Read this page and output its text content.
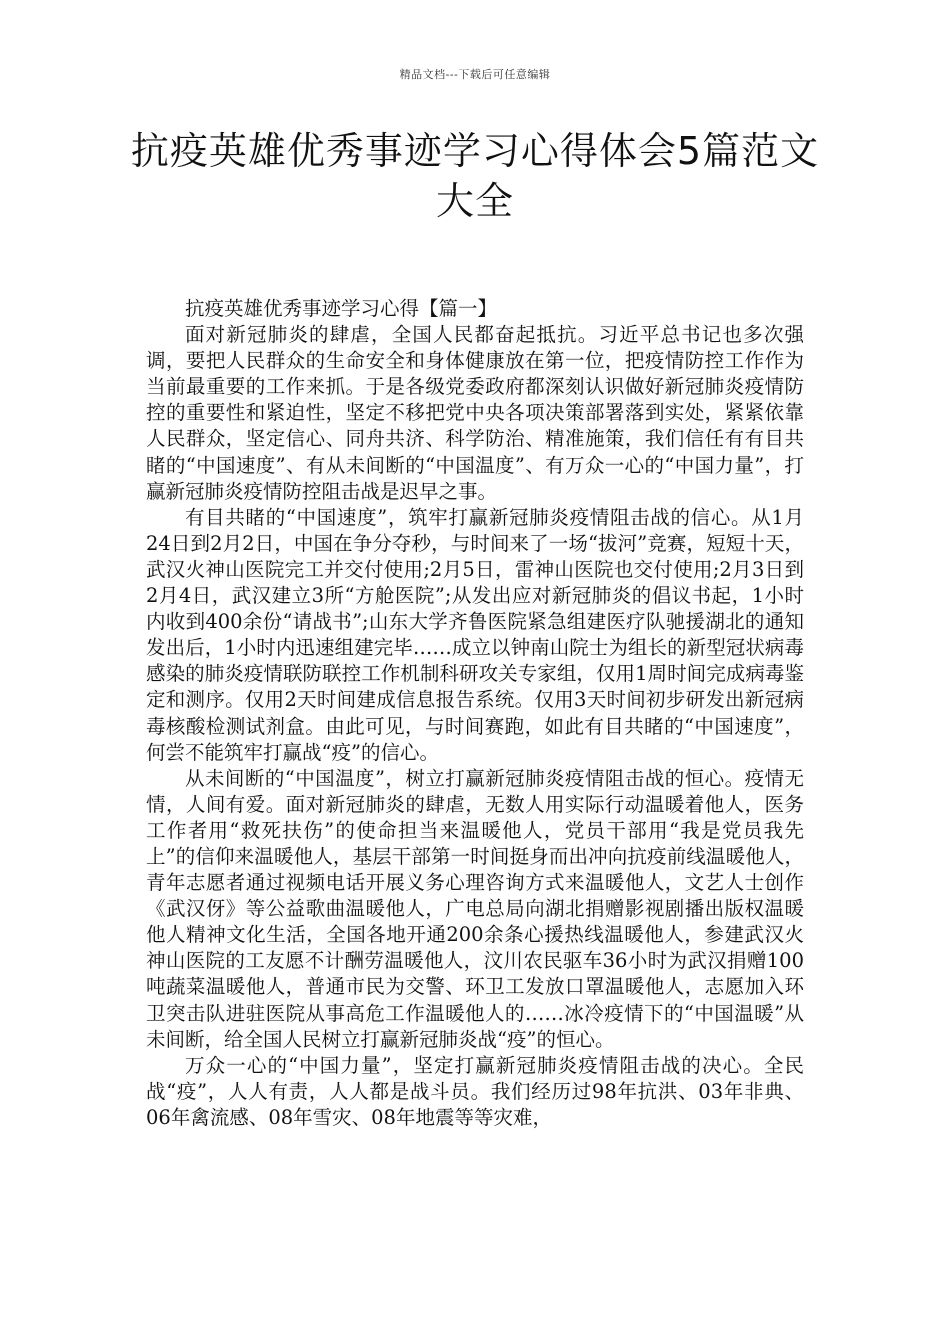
精品文档---下载后可任意编辑
抗疫英雄优秀事迹学习心得体会5篇范文大全

抗疫英雄优秀事迹学习心得【篇一】

面对新冠肺炎的肆虐，全国人民都奋起抵抗。习近平总书记也多次强调，要把人民群众的生命安全和身体健康放在第一位，把疫情防控工作作为当前最重要的工作来抓。于是各级党委政府都深刻认识做好新冠肺炎疫情防控的重要性和紧迫性，坚定不移把党中央各项决策部署落到实处，紧紧依靠人民群众，坚定信心、同舟共济、科学防治、精准施策，我们信任有有目共睹的“中国速度”、有从未间断的“中国温度”、有万众一心的“中国力量”，打赢新冠肺炎疫情防控阻击战是迟早之事。

有目共睹的“中国速度”，筑牢打赢新冠肺炎疫情阻击战的信心。从1月24日到2月2日，中国在争分夺秒，与时间来了一场“拔河”竞赛，短短十天，武汉火神山医院完工并交付使用;2月5日，雷神山医院也交付使用;2月3日到2月4日，武汉建立3所“方舱医院”;从发出应对新冠肺炎的倡议书起，1小时内收到400余份“请战书”;山东大学齐鲁医院紧急组建医疗队驰援湖北的通知发出后，1小时内迅速组建完毕……成立以钟南山院士为组长的新型冠状病毒感染的肺炎疫情联防联控工作机制科研攻关专家组，仅用1周时间完成病毒鉴定和测序。仅用2天时间建成信息报告系统。仅用3天时间初步研发出新冠病毒核酸检测试剂盒。由此可见，与时间赛跑，如此有目共睹的“中国速度”，何尝不能筑牢打赢战“疫”的信心。

从未间断的“中国温度”，树立打赢新冠肺炎疫情阻击战的恒心。疫情无情，人间有爱。面对新冠肺炎的肆虐，无数人用实际行动温暖着他人，医务工作者用“救死扶伤”的使命担当来温暖他人，党员干部用“我是党员我先上”的信仰来温暖他人，基层干部第一时间挺身而出冲向抗疫前线温暖他人，青年志愿者通过视频电话开展义务心理咨询方式来温暖他人，文艺人士创作《武汉伢》等公益歌曲温暖他人，广电总局向湖北捐赠影视剧播出版权温暖他人精神文化生活，全国各地开通200余条心援热线温暖他人，参建武汉火神山医院的工友愿不计酬劳温暖他人，汶川农民驱车36小时为武汉捐赠100吨蔬菜温暖他人，普通市民为交警、环卫工发放口罩温暖他人，志愿加入环卫突击队进驻医院从事高危工作温暖他人的……冰冷疫情下的“中国温暖”从未间断，给全国人民树立打赢新冠肺炎战“疫”的恒心。

万众一心的“中国力量”，坚定打赢新冠肺炎疫情阻击战的决心。全民战“疫”，人人有责，人人都是战斗员。我们经历过98年抗洪、03年非典、06年禽流感、08年雪灾、08年地震等等灾难，
